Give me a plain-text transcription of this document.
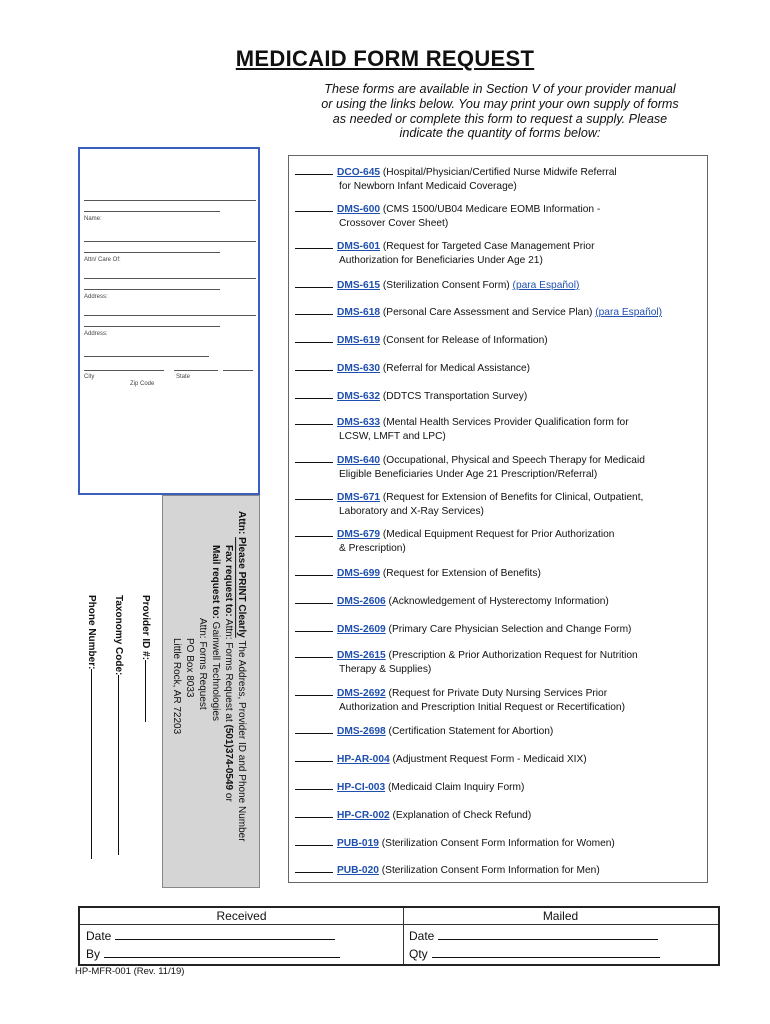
MEDICAID FORM REQUEST
These forms are available in Section V of your provider manual
or using the links below. You may print your own supply of forms
as needed or complete this form to request a supply. Please
indicate the quantity of forms below:
Name:
Attn/ Care Of:
Address:
Address:
City	State
Zip Code
Attn: Please PRINT Clearly The Address, Provider ID and Phone Number
Fax request to: Attn: Forms Request at (501)374-0549 or
Mail request to: Gainwell Technologies
Attn: Forms Request
PO Box 8033
Little Rock, AR 72203
Provider ID #:
Taxonomy Code:
Phone Number:
DCO-645 (Hospital/Physician/Certified Nurse Midwife Referral
for Newborn Infant Medicaid Coverage)
DMS-600 (CMS 1500/UB04 Medicare EOMB Information -
Crossover Cover Sheet)
DMS-601 (Request for Targeted Case Management Prior
Authorization for Beneficiaries Under Age 21)
DMS-615 (Sterilization Consent Form) (para Español)
DMS-618 (Personal Care Assessment and Service Plan) (para Español)
DMS-619 (Consent for Release of Information)
DMS-630 (Referral for Medical Assistance)
DMS-632 (DDTCS Transportation Survey)
DMS-633 (Mental Health Services Provider Qualification form for
LCSW, LMFT and LPC)
DMS-640 (Occupational, Physical and Speech Therapy for Medicaid
Eligible Beneficiaries Under Age 21 Prescription/Referral)
DMS-671 (Request for Extension of Benefits for Clinical, Outpatient,
Laboratory and X-Ray Services)
DMS-679 (Medical Equipment Request for Prior Authorization
& Prescription)
DMS-699 (Request for Extension of Benefits)
DMS-2606 (Acknowledgement of Hysterectomy Information)
DMS-2609 (Primary Care Physician Selection and Change Form)
DMS-2615 (Prescription & Prior Authorization Request for Nutrition
Therapy & Supplies)
DMS-2692 (Request for Private Duty Nursing Services Prior
Authorization and Prescription Initial Request or Recertification)
DMS-2698 (Certification Statement for Abortion)
HP-AR-004 (Adjustment Request Form - Medicaid XIX)
HP-CI-003 (Medicaid Claim Inquiry Form)
HP-CR-002 (Explanation of Check Refund)
PUB-019 (Sterilization Consent Form Information for Women)
PUB-020 (Sterilization Consent Form Information for Men)
Received	Mailed
Date
By
Date
Qty
HP-MFR-001 (Rev. 11/19)
